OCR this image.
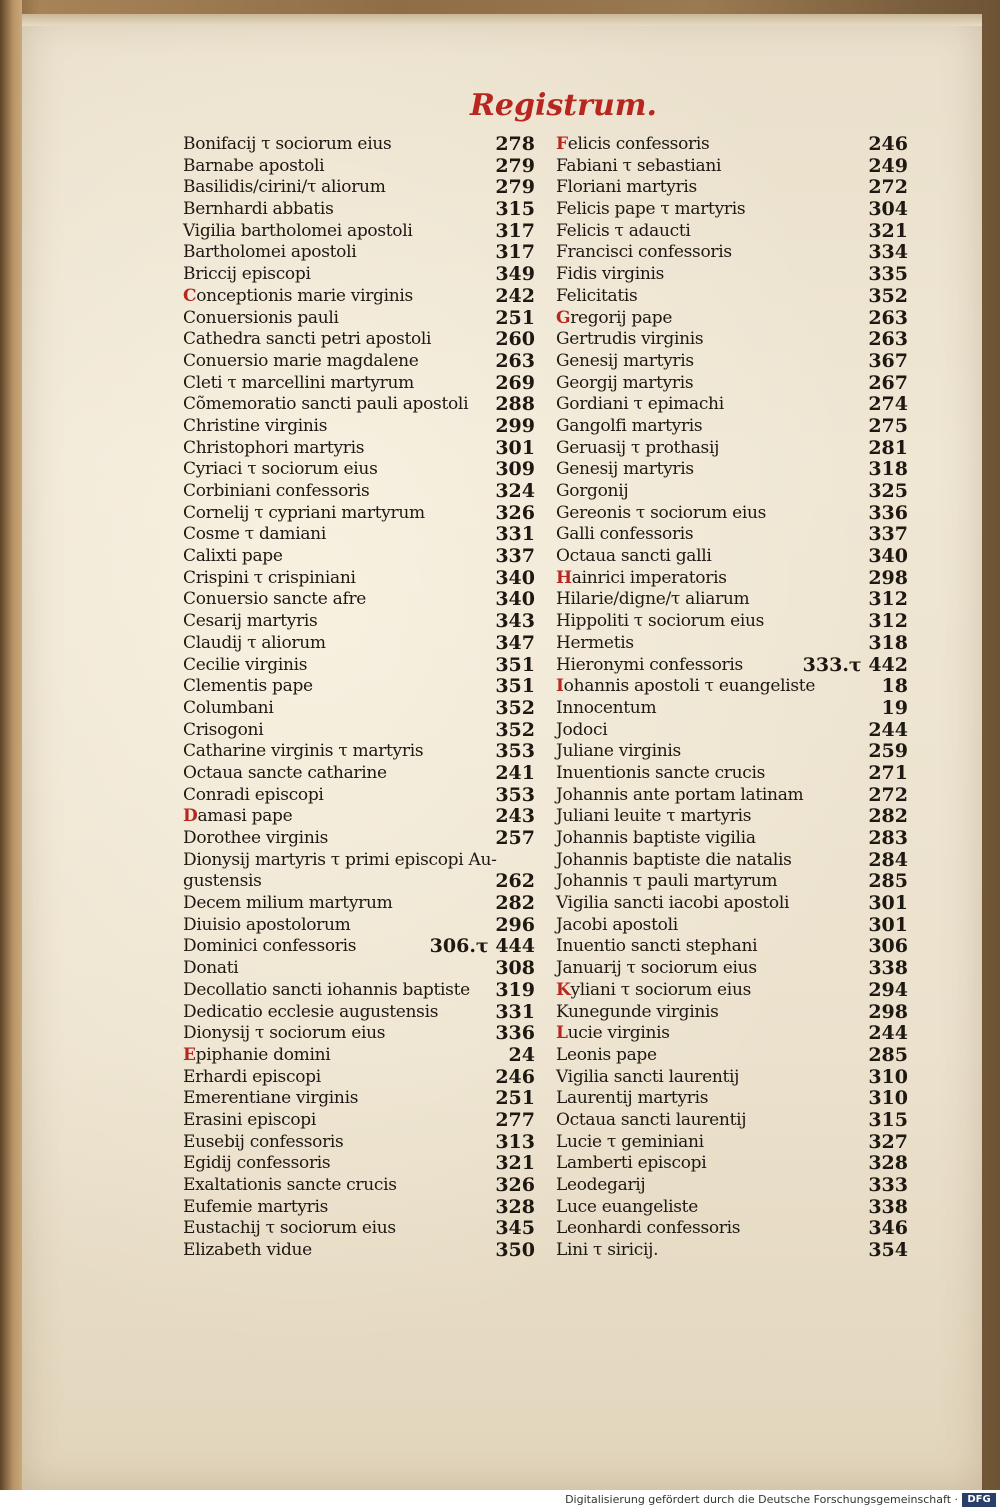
Registrum.
Bonifacij τ sociorum eius	278
Barnabe apostoli	279
Basilidis/cirini/τ aliorum	279
Bernhardi abbatis	315
Vigilia bartholomei apostoli	317
Bartholomei apostoli	317
Briccij episcopi	349
Conceptionis marie virginis	242
Conuersionis pauli	251
Cathedra sancti petri apostoli	260
Conuersio marie magdalene	263
Cleti τ marcellini martyrum	269
Cõmemoratio sancti pauli apostoli 288
Christine virginis	299
Christophori martyris	301
Cyriaci τ sociorum eius	309
Corbiniani confessoris	324
Cornelij τ cypriani martyrum	326
Cosme τ damiani	331
Calixti pape	337
Crispini τ crispiniani	340
Conuersio sancte afre	340
Cesarij martyris	343
Claudij τ aliorum	347
Cecilie virginis	351
Clementis pape	351
Columbani	352
Crisogoni	352
Catharine virginis τ martyris	353
Octaua sancte catharine	241
Conradi episcopi	353
Damasi pape	243
Dorothee virginis	257
Dionysij martyris τ primi episcopi Au-
gustensis	262
Decem milium martyrum	282
Diuisio apostolorum	296
Dominici confessoris	306.τ 444
Donati	308
Decollatio sancti iohannis baptiste 319
Dedicatio ecclesie augustensis	331
Dionysij τ sociorum eius	336
Epiphanie domini	24
Erhardi episcopi	246
Emerentiane virginis	251
Erasini episcopi	277
Eusebij confessoris	313
Egidij confessoris	321
Exaltationis sancte crucis	326
Eufemie martyris	328
Eustachij τ sociorum eius	345
Elizabeth vidue	350
Felicis confessoris	246
Fabiani τ sebastiani	249
Floriani martyris	272
Felicis pape τ martyris	304
Felicis τ adaucti	321
Francisci confessoris	334
Fidis virginis	335
Felicitatis	352
Gregorij pape	263
Gertrudis virginis	263
Genesij martyris	367
Georgij martyris	267
Gordiani τ epimachi	274
Gangolfi martyris	275
Geruasij τ prothasij	281
Genesij martyris	318
Gorgonij	325
Gereonis τ sociorum eius	336
Galli confessoris	337
Octaua sancti galli	340
Hainrici imperatoris	298
Hilarie/digne/τ aliarum	312
Hippoliti τ sociorum eius	312
Hermetis	318
Hieronymi confessoris	333.τ 442
Iohannis apostoli τ euangeliste	18
Innocentum	19
Jodoci	244
Juliane virginis	259
Inuentionis sancte crucis	271
Johannis ante portam latinam	272
Juliani leuite τ martyris	282
Johannis baptiste vigilia	283
Johannis baptiste die natalis	284
Johannis τ pauli martyrum	285
Vigilia sancti iacobi apostoli	301
Jacobi apostoli	301
Inuentio sancti stephani	306
Januarij τ sociorum eius	338
Kyliani τ sociorum eius	294
Kunegunde virginis	298
Lucie virginis	244
Leonis pape	285
Vigilia sancti laurentij	310
Laurentij martyris	310
Octaua sancti laurentij	315
Lucie τ geminiani	327
Lamberti episcopi	328
Leodegarij	333
Luce euangeliste	338
Leonhardi confessoris	346
Lini τ siricij.	354
Digitalisierung gefördert durch die Deutsche Forschungsgemeinschaft · DFG
